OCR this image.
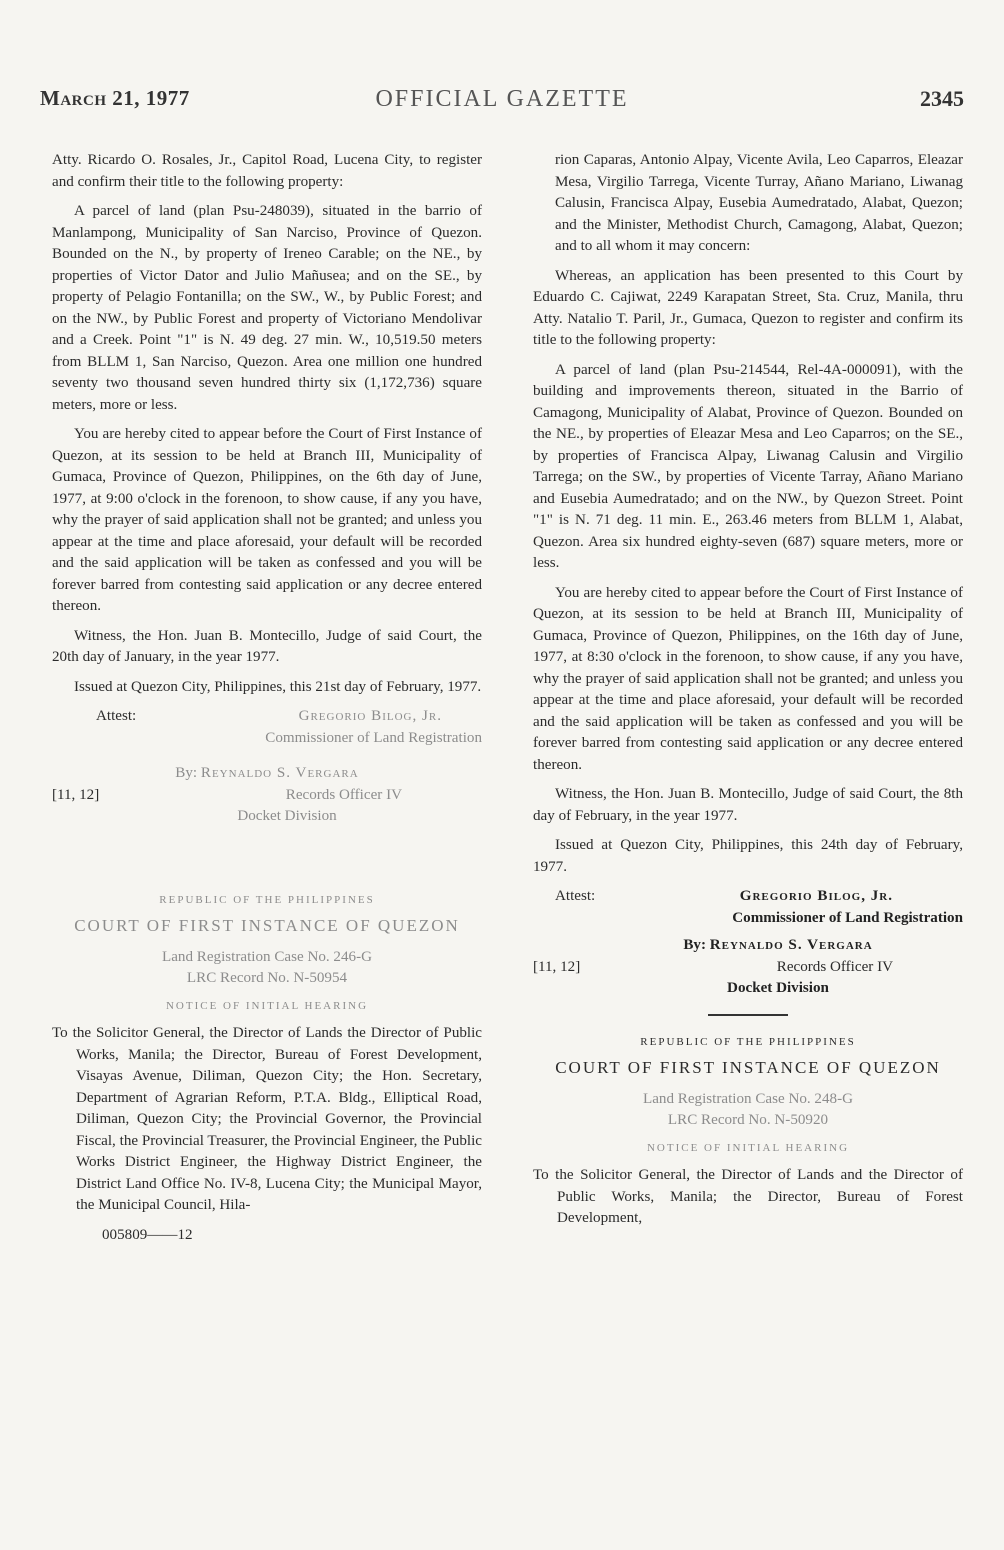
March 21, 1977	OFFICIAL GAZETTE	2345

Atty. Ricardo O. Rosales, Jr., Capitol Road, Lucena City, to register and confirm their title to the following property:

A parcel of land (plan Psu-248039), situated in the barrio of Manlampong, Municipality of San Narciso, Province of Quezon. Bounded on the N., by property of Ireneo Carable; on the NE., by properties of Victor Dator and Julio Mañusea; and on the SE., by property of Pelagio Fontanilla; on the SW., W., by Public Forest; and on the NW., by Public Forest and property of Victoriano Mendolivar and a Creek. Point "1" is N. 49 deg. 27 min. W., 10,519.50 meters from BLLM 1, San Narciso, Quezon. Area one million one hundred seventy two thousand seven hundred thirty six (1,172,736) square meters, more or less.

You are hereby cited to appear before the Court of First Instance of Quezon, at its session to be held at Branch III, Municipality of Gumaca, Province of Quezon, Philippines, on the 6th day of June, 1977, at 9:00 o'clock in the forenoon, to show cause, if any you have, why the prayer of said application shall not be granted; and unless you appear at the time and place aforesaid, your default will be recorded and the said application will be taken as confessed and you will be forever barred from contesting said application or any decree entered thereon.

Witness, the Hon. Juan B. Montecillo, Judge of said Court, the 20th day of January, in the year 1977.

Issued at Quezon City, Philippines, this 21st day of February, 1977.

Attest:	Gregorio Bilog, Jr.
Commissioner of Land Registration
By: Reynaldo S. Vergara
[11, 12]	Records Officer IV
Docket Division
REPUBLIC OF THE PHILIPPINES
COURT OF FIRST INSTANCE OF QUEZON
Land Registration Case No. 246-G
LRC Record No. N-50954
NOTICE OF INITIAL HEARING

To the Solicitor General, the Director of Lands the Director of Public Works, Manila; the Director, Bureau of Forest Development, Visayas Avenue, Diliman, Quezon City; the Hon. Secretary, Department of Agrarian Reform, P.T.A. Bldg., Elliptical Road, Diliman, Quezon City; the Provincial Governor, the Provincial Fiscal, the Provincial Treasurer, the Provincial Engineer, the Public Works District Engineer, the Highway District Engineer, the District Land Office No. IV-8, Lucena City; the Municipal Mayor, the Municipal Council, Hila-

005809——12

rion Caparas, Antonio Alpay, Vicente Avila, Leo Caparros, Eleazar Mesa, Virgilio Tarrega, Vicente Turray, Añano Mariano, Liwanag Calusin, Francisca Alpay, Eusebia Aumedratado, Alabat, Quezon; and the Minister, Methodist Church, Camagong, Alabat, Quezon; and to all whom it may concern:

Whereas, an application has been presented to this Court by Eduardo C. Cajiwat, 2249 Karapatan Street, Sta. Cruz, Manila, thru Atty. Natalio T. Paril, Jr., Gumaca, Quezon to register and confirm its title to the following property:

A parcel of land (plan Psu-214544, Rel-4A-000091), with the building and improvements thereon, situated in the Barrio of Camagong, Municipality of Alabat, Province of Quezon. Bounded on the NE., by properties of Eleazar Mesa and Leo Caparros; on the SE., by properties of Francisca Alpay, Liwanag Calusin and Virgilio Tarrega; on the SW., by properties of Vicente Tarray, Añano Mariano and Eusebia Aumedratado; and on the NW., by Quezon Street. Point "1" is N. 71 deg. 11 min. E., 263.46 meters from BLLM 1, Alabat, Quezon. Area six hundred eighty-seven (687) square meters, more or less.

You are hereby cited to appear before the Court of First Instance of Quezon, at its session to be held at Branch III, Municipality of Gumaca, Province of Quezon, Philippines, on the 16th day of June, 1977, at 8:30 o'clock in the forenoon, to show cause, if any you have, why the prayer of said application shall not be granted; and unless you appear at the time and place aforesaid, your default will be recorded and the said application will be taken as confessed and you will be forever barred from contesting said application or any decree entered thereon.

Witness, the Hon. Juan B. Montecillo, Judge of said Court, the 8th day of February, in the year 1977.

Issued at Quezon City, Philippines, this 24th day of February, 1977.

Attest:	Gregorio Bilog, Jr.
Commissioner of Land Registration
By: Reynaldo S. Vergara
[11, 12]	Records Officer IV
Docket Division
REPUBLIC OF THE PHILIPPINES
COURT OF FIRST INSTANCE OF QUEZON
Land Registration Case No. 248-G
LRC Record No. N-50920
NOTICE OF INITIAL HEARING

To the Solicitor General, the Director of Lands and the Director of Public Works, Manila; the Director, Bureau of Forest Development,
